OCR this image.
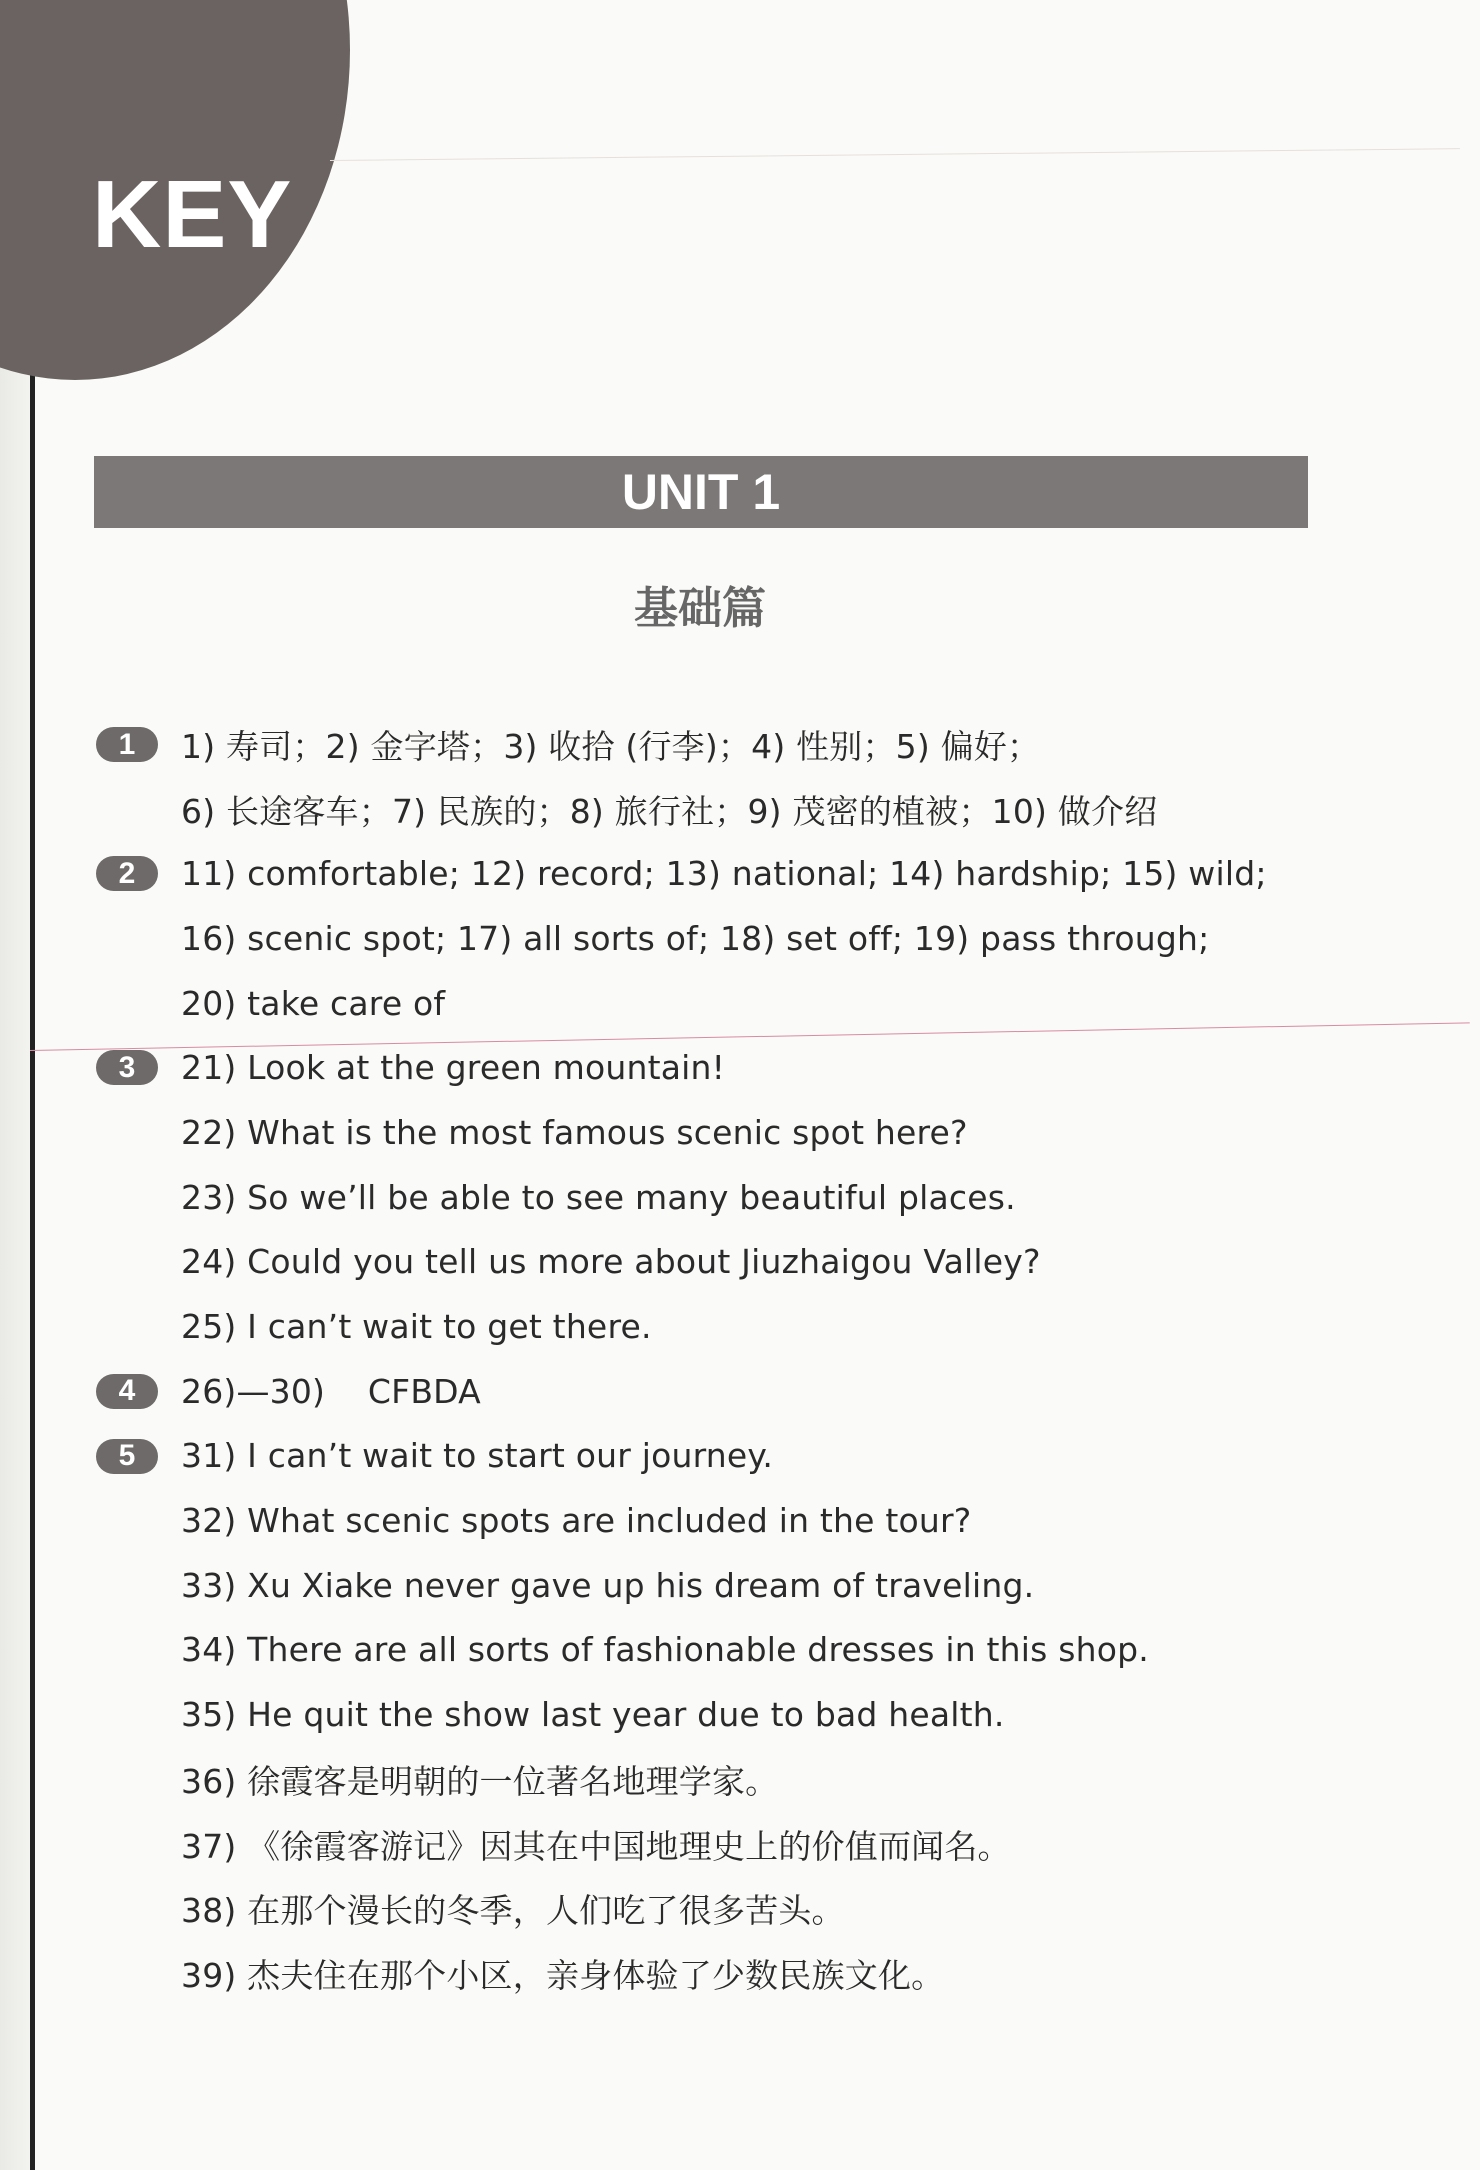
KEY
UNIT 1
基础篇
1	1) 寿司；2) 金字塔；3) 收拾 (行李)；4) 性别；5) 偏好；
6) 长途客车；7) 民族的；8) 旅行社；9) 茂密的植被；10) 做介绍
2	11) comfortable; 12) record; 13) national; 14) hardship; 15) wild;
16) scenic spot; 17) all sorts of; 18) set off; 19) pass through;
20) take care of
3	21) Look at the green mountain!
22) What is the most famous scenic spot here?
23) So we’ll be able to see many beautiful places.
24) Could you tell us more about Jiuzhaigou Valley?
25) I can’t wait to get there.
4	26)—30)    CFBDA
5	31) I can’t wait to start our journey.
32) What scenic spots are included in the tour?
33) Xu Xiake never gave up his dream of traveling.
34) There are all sorts of fashionable dresses in this shop.
35) He quit the show last year due to bad health.
36) 徐霞客是明朝的一位著名地理学家。
37) 《徐霞客游记》因其在中国地理史上的价值而闻名。
38) 在那个漫长的冬季，人们吃了很多苦头。
39) 杰夫住在那个小区，亲身体验了少数民族文化。
